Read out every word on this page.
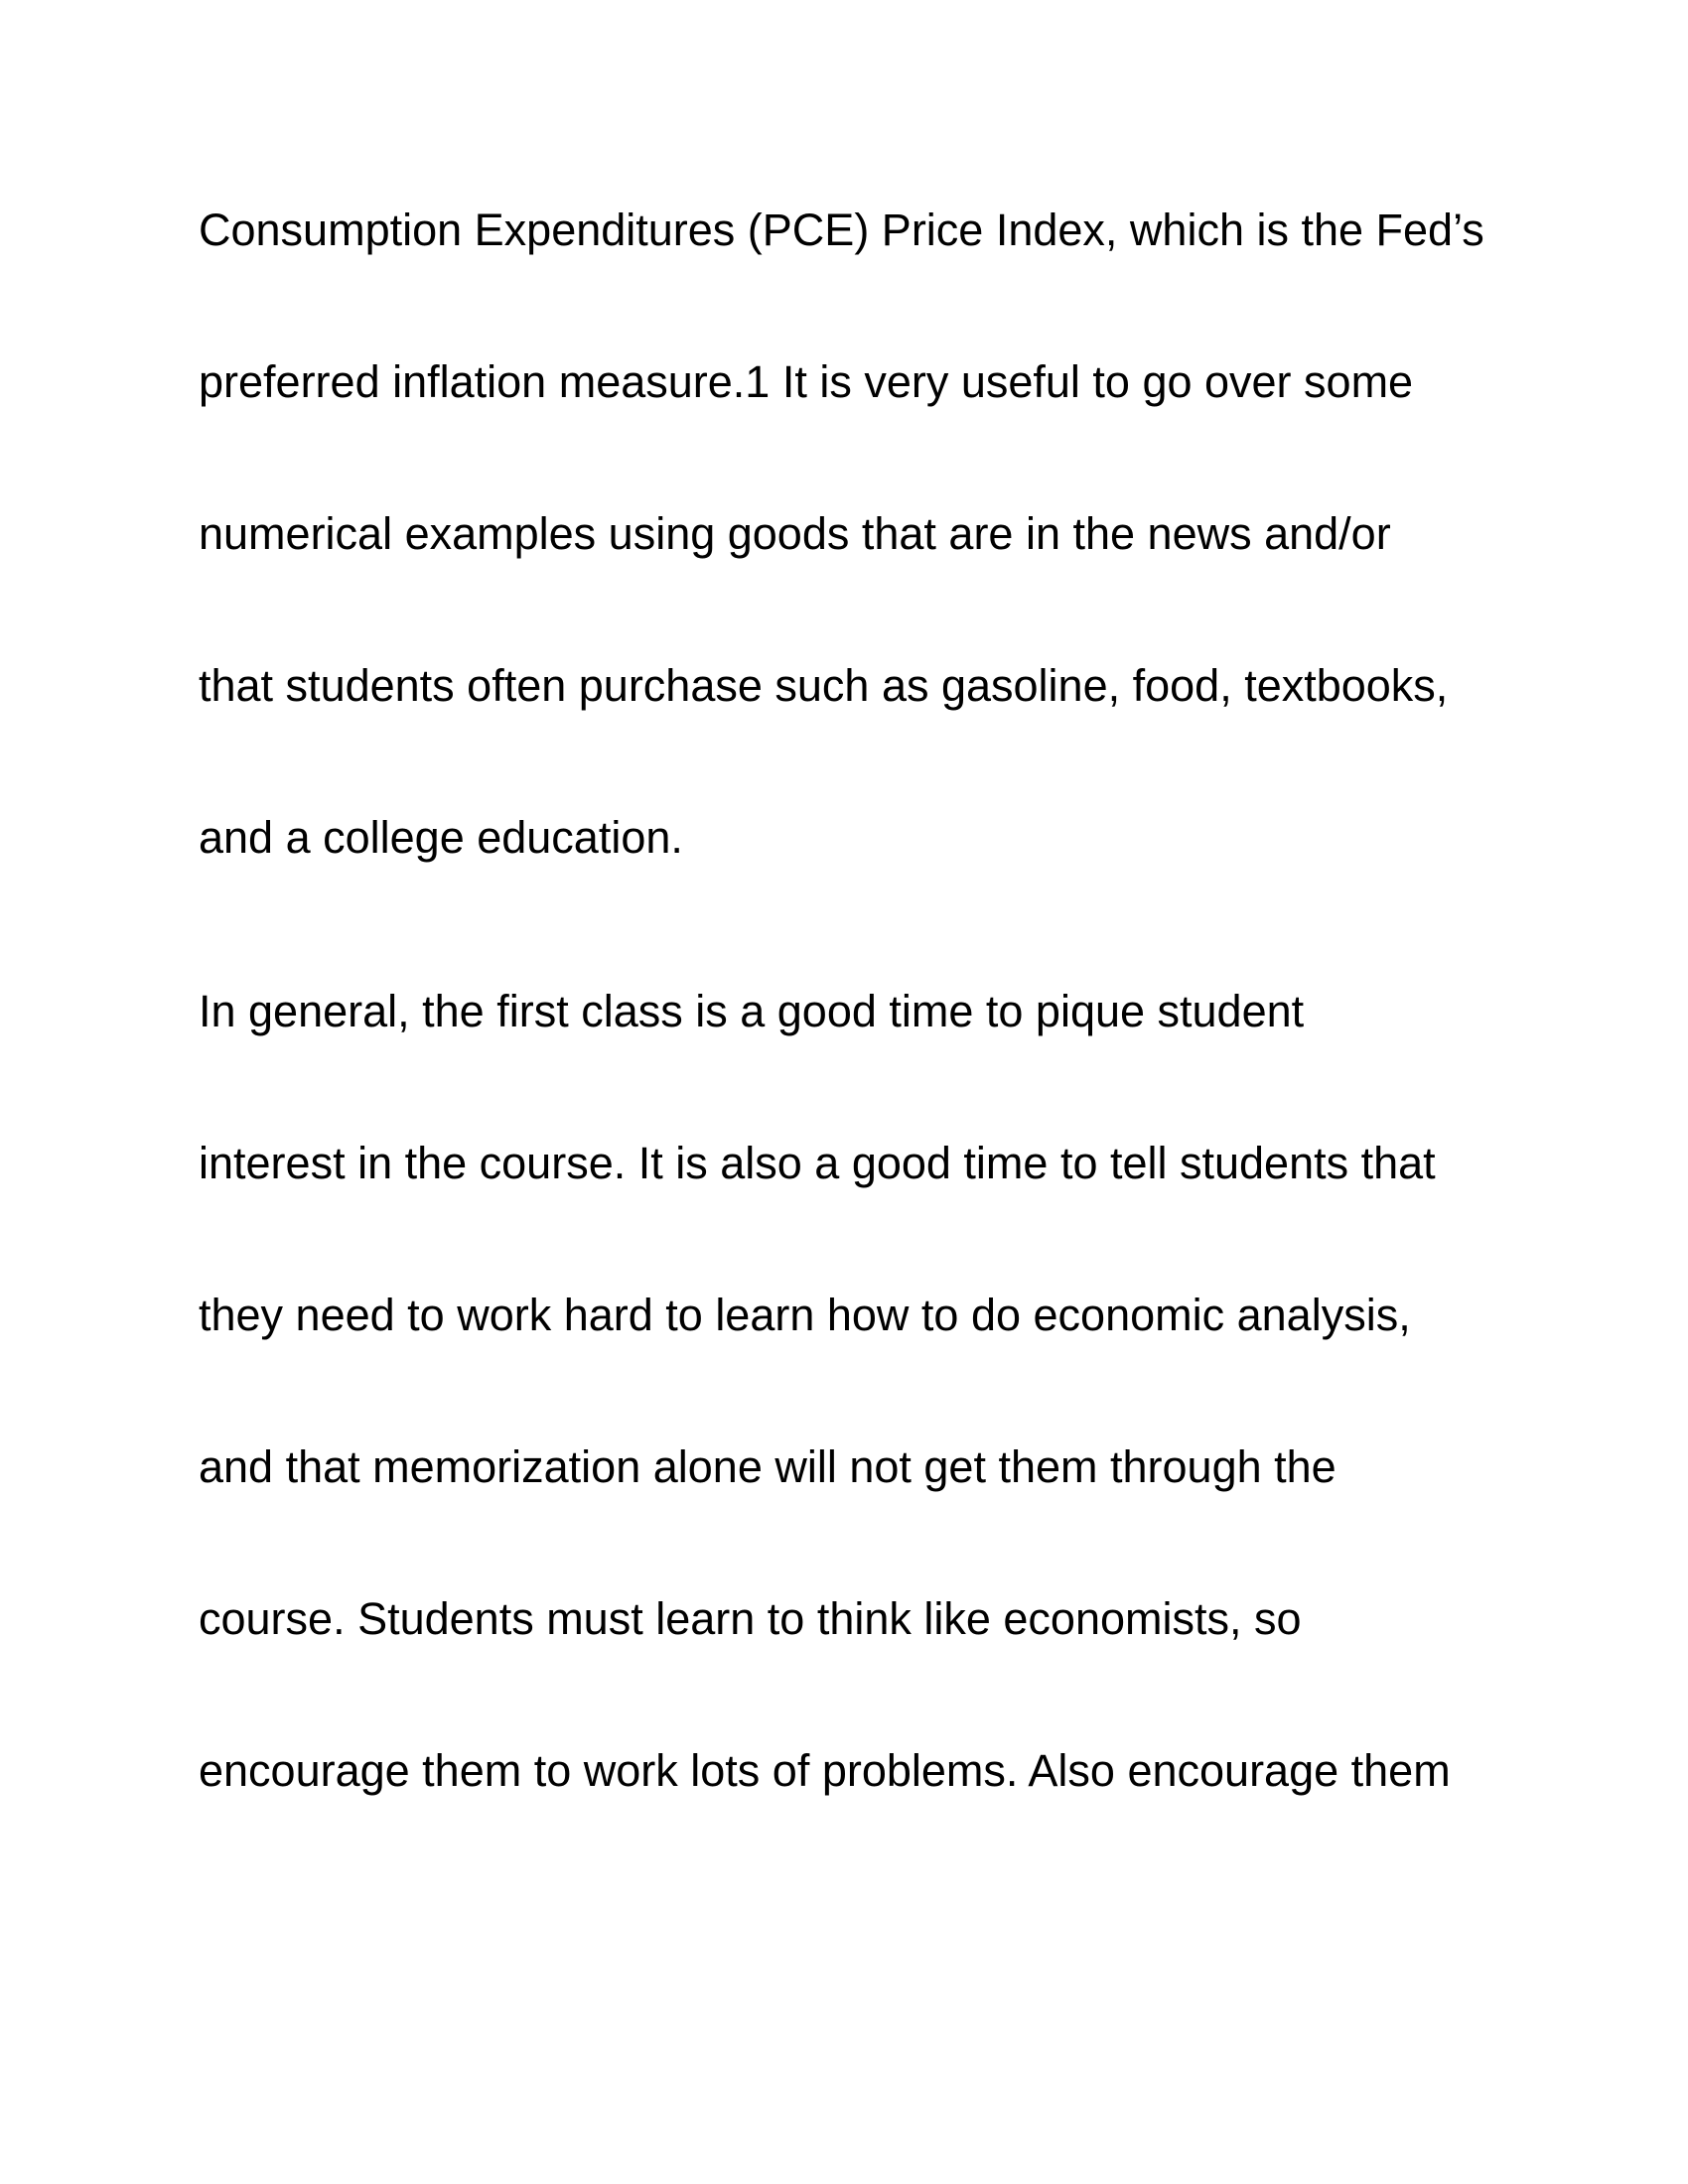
Consumption Expenditures (PCE) Price Index, which is the Fed’s
preferred inflation measure.1 It is very useful to go over some
numerical examples using goods that are in the news and/or
that students often purchase such as gasoline, food, textbooks,
and a college education.
In general, the first class is a good time to pique student
interest in the course. It is also a good time to tell students that
they need to work hard to learn how to do economic analysis,
and that memorization alone will not get them through the
course. Students must learn to think like economists, so
encourage them to work lots of problems. Also encourage them
